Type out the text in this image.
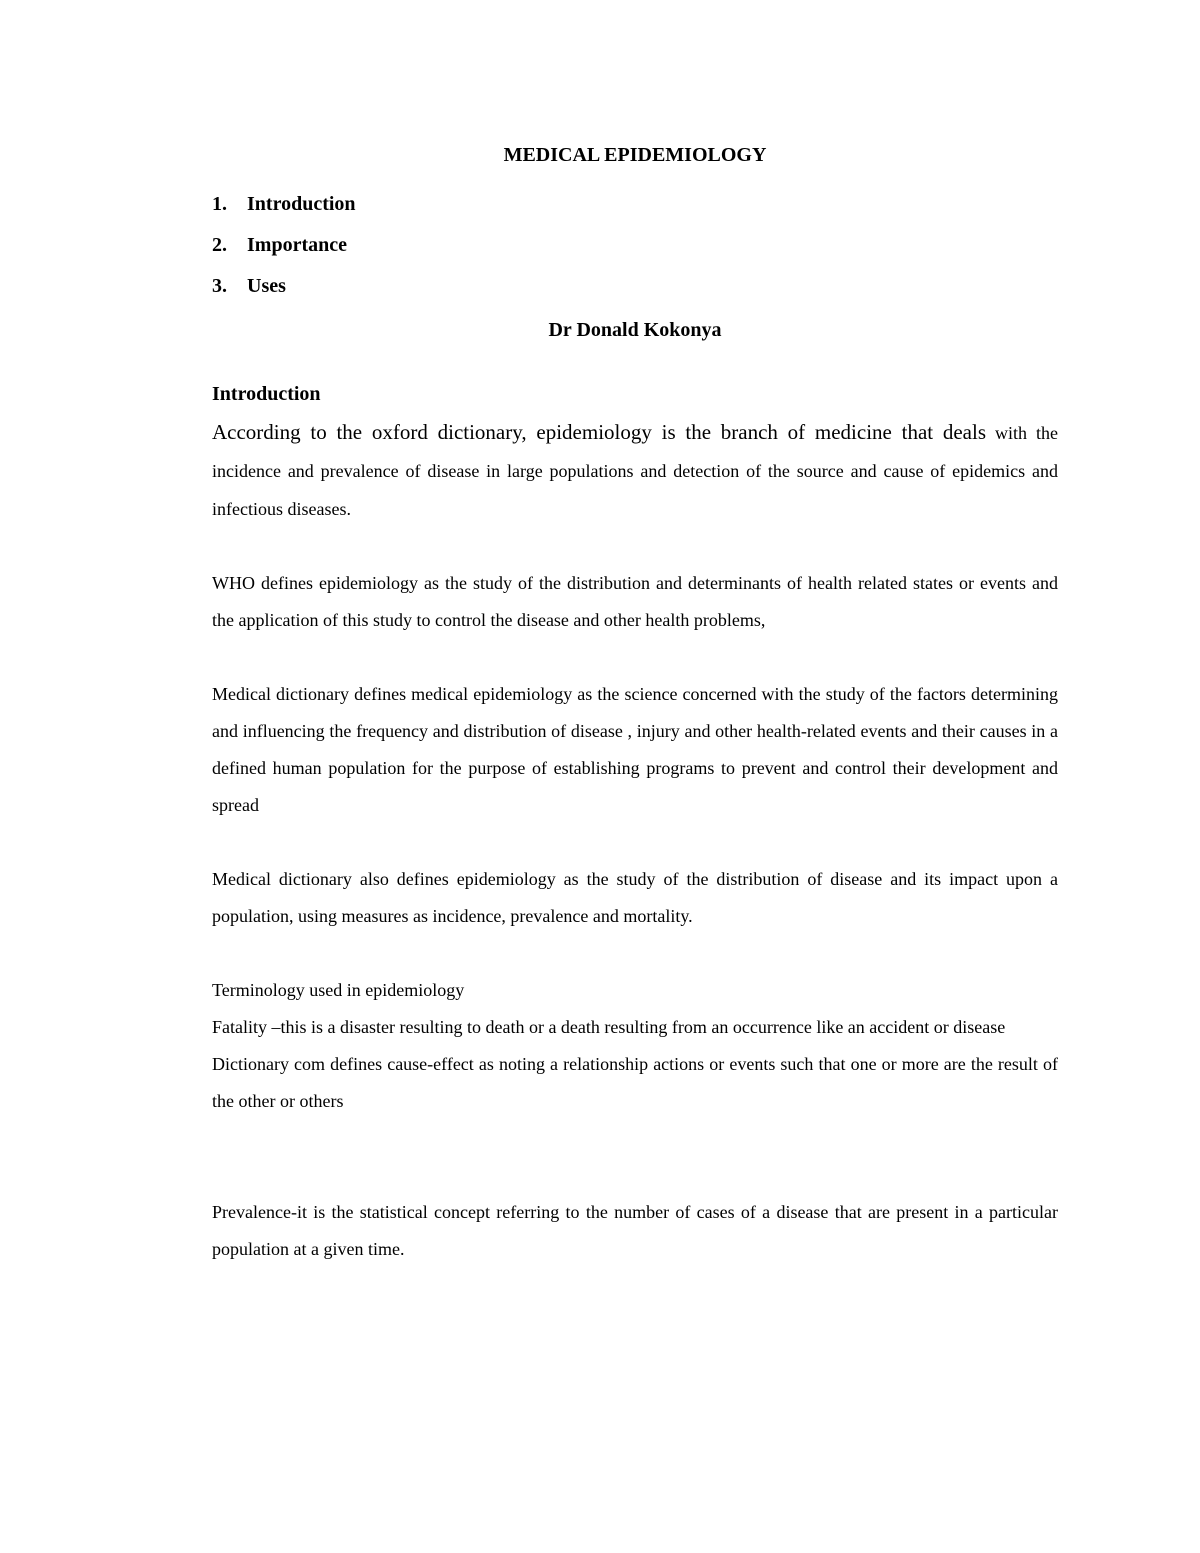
MEDICAL EPIDEMIOLOGY
1.	Introduction
2.	Importance
3.	Uses

Dr Donald Kokonya

Introduction

According to the oxford dictionary, epidemiology is the branch of medicine that deals with the incidence and prevalence of disease in large populations and detection of the source and cause of epidemics and infectious diseases.

WHO defines epidemiology as the study of the distribution and determinants of health related states or events and the application of this study to control the disease and other health problems,

Medical dictionary defines medical epidemiology as the science concerned with the study of the factors determining and influencing the frequency and distribution of disease , injury and other health-related events and their causes in a defined human population for the purpose of establishing programs to prevent and control their development and spread

Medical dictionary also defines epidemiology as the study of the distribution of disease and its impact upon a population, using measures as incidence, prevalence and mortality.

Terminology used in epidemiology

Fatality –this is a disaster resulting to death or a death resulting from an occurrence like an accident or disease

Dictionary com defines cause-effect as noting a relationship actions or events such that one or more are the result of the other or others

Prevalence-it is the statistical concept referring to the number of cases of a disease that are present in a particular population at a given time.
